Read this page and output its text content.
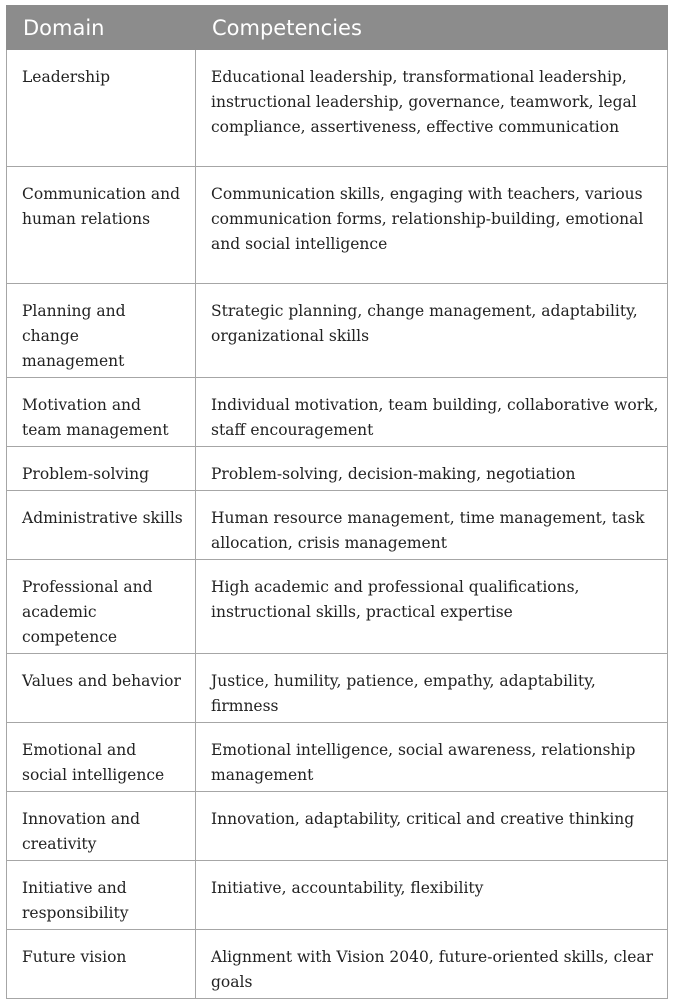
Domain	Competencies
Leadership	Educational leadership, transformational leadership, instructional leadership, governance, teamwork, legal compliance, assertiveness, effective communication
Communication and human relations	Communication skills, engaging with teachers, various communication forms, relationship-building, emotional and social intelligence
Planning and change management	Strategic planning, change management, adaptability, organizational skills
Motivation and team management	Individual motivation, team building, collaborative work, staff encouragement
Problem-solving	Problem-solving, decision-making, negotiation
Administrative skills	Human resource management, time management, task allocation, crisis management
Professional and academic competence	High academic and professional qualifications, instructional skills, practical expertise
Values and behavior	Justice, humility, patience, empathy, adaptability, firmness
Emotional and social intelligence	Emotional intelligence, social awareness, relationship management
Innovation and creativity	Innovation, adaptability, critical and creative thinking
Initiative and responsibility	Initiative, accountability, flexibility
Future vision	Alignment with Vision 2040, future-oriented skills, clear goals
